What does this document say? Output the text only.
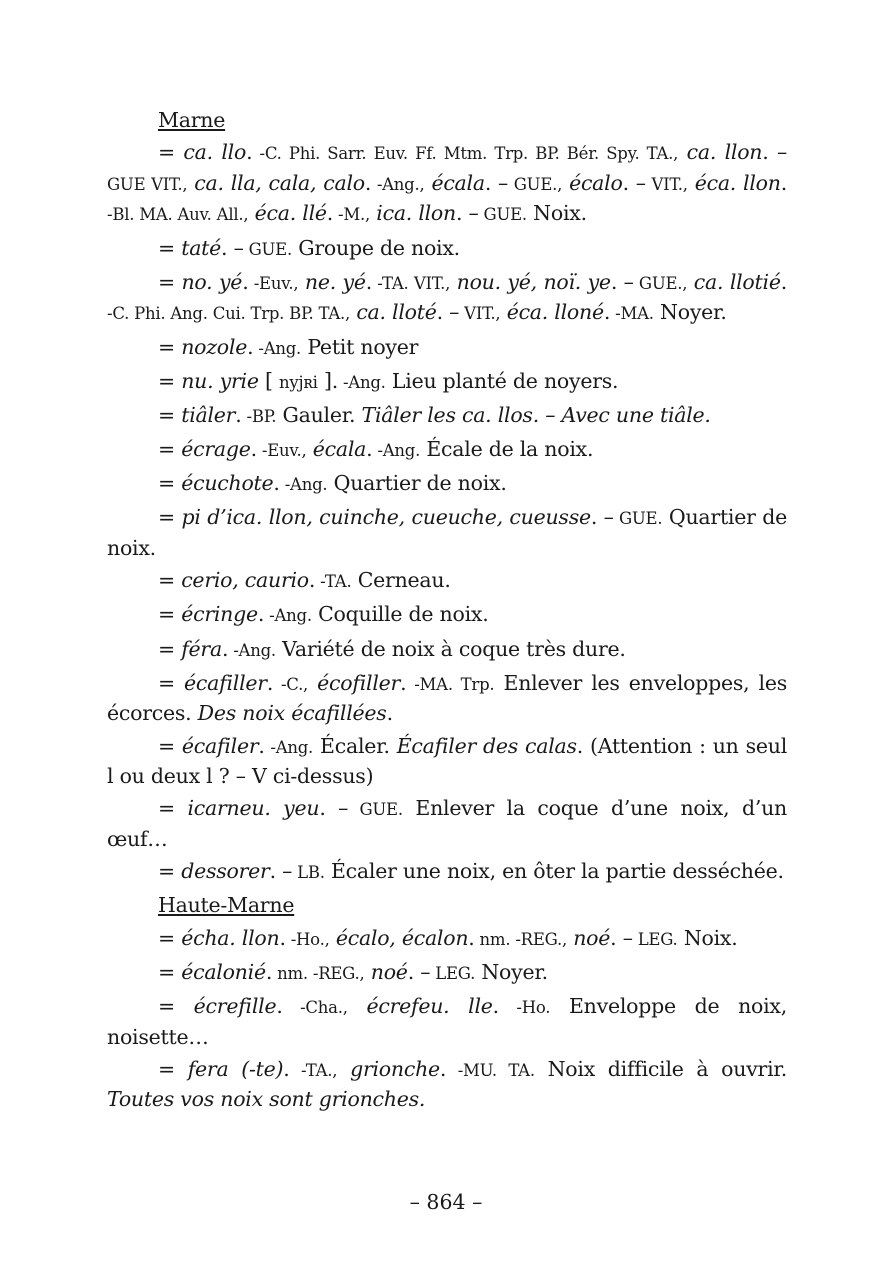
Marne

= ca. llo. -C. Phi. Sarr. Euv. Ff. Mtm. Trp. BP. Bér. Spy. TA., ca. llon. – GUE VIT., ca. lla, cala, calo. -Ang., écala. – GUE., écalo. – VIT., éca. llon. -Bl. MA. Auv. All., éca. llé. -M., ica. llon. – GUE. Noix.

= taté. – GUE. Groupe de noix.

= no. yé. -Euv., ne. yé. -TA. VIT., nou. yé, noï. ye. – GUE., ca. llotié. -C. Phi. Ang. Cui. Trp. BP. TA., ca. lloté. – VIT., éca. lloné. -MA. Noyer.

= nozole. -Ang. Petit noyer

= nu. yrie [ nyjʀi ]. -Ang. Lieu planté de noyers.

= tiâler. -BP. Gauler. Tiâler les ca. llos. – Avec une tiâle.

= écrage. -Euv., écala. -Ang. Écale de la noix.

= écuchote. -Ang. Quartier de noix.

= pi d’ica. llon, cuinche, cueuche, cueusse. – GUE. Quartier de noix.

= cerio, caurio. -TA. Cerneau.

= écringe. -Ang. Coquille de noix.

= féra. -Ang. Variété de noix à coque très dure.

= écafiller. -C., écofiller. -MA. Trp. Enlever les enveloppes, les écorces. Des noix écafillées.

= écafiler. -Ang. Écaler. Écafiler des calas. (Attention : un seul l ou deux l ? – V ci-dessus)

= icarneu. yeu. – GUE. Enlever la coque d’une noix, d’un œuf…

= dessorer. – LB. Écaler une noix, en ôter la partie desséchée.

Haute-Marne

= écha. llon. -Ho., écalo, écalon. nm. -REG., noé. – LEG. Noix.

= écalonié. nm. -REG., noé. – LEG. Noyer.

= écrefille. -Cha., écrefeu. lle. -Ho. Enveloppe de noix, noisette…

= fera (-te). -TA., grionche. -MU. TA. Noix difficile à ouvrir. Toutes vos noix sont grionches.

– 864 –
